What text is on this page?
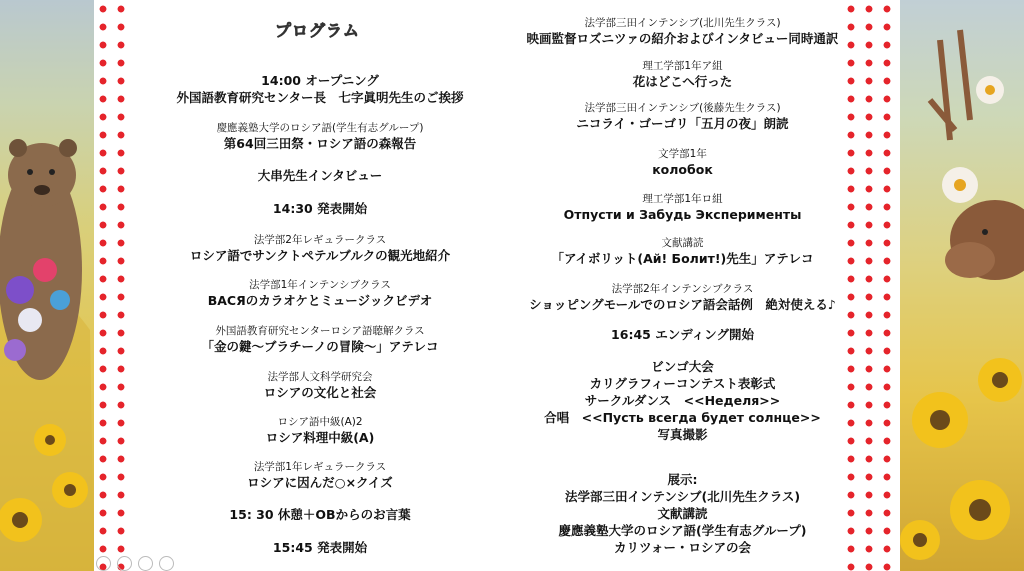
プログラム
14:00 オープニング
外国語教育研究センター長　七字眞明先生のご挨拶
慶應義塾大学のロシア語(学生有志グループ)
第64回三田祭・ロシア語の森報告
大串先生インタビュー
14:30 発表開始
法学部2年レギュラークラス
ロシア語でサンクトペテルブルクの観光地紹介
法学部1年インテンシブクラス
BACЯのカラオケとミュージックビデオ
外国語教育研究センターロシア語聴解クラス
「金の鍵〜ブラチーノの冒険〜」アテレコ
法学部人文科学研究会
ロシアの文化と社会
ロシア語中級(A)2
ロシア料理中級(A)
法学部1年レギュラークラス
ロシアに因んだ○×クイズ
15: 30 休憩＋OBからのお言葉
15:45 発表開始
法学部三田インテンシブ(北川先生クラス)
映画監督ロズニツァの紹介およびインタビュー同時通訳
理工学部1年ア組
花はどこへ行った
法学部三田インテンシブ(後藤先生クラス)
ニコライ・ゴーゴリ「五月の夜」朗読
文学部1年
колобок
理工学部1年ロ組
Отпусти и Забудь Эксперименты
文献講読
「アイボリット(Ай! Болит!)先生」アテレコ
法学部2年インテンシブクラス
ショッピングモールでのロシア語会話例　絶対使える♪
16:45 エンディング開始
ビンゴ大会
カリグラフィーコンテスト表彰式
サークルダンス　<<Неделя>>
合唱　<<Пусть всегда будет солнце>>
写真撮影
展示:
法学部三田インテンシブ(北川先生クラス)
文献講読
慶應義塾大学のロシア語(学生有志グループ)
カリツォー・ロシアの会
